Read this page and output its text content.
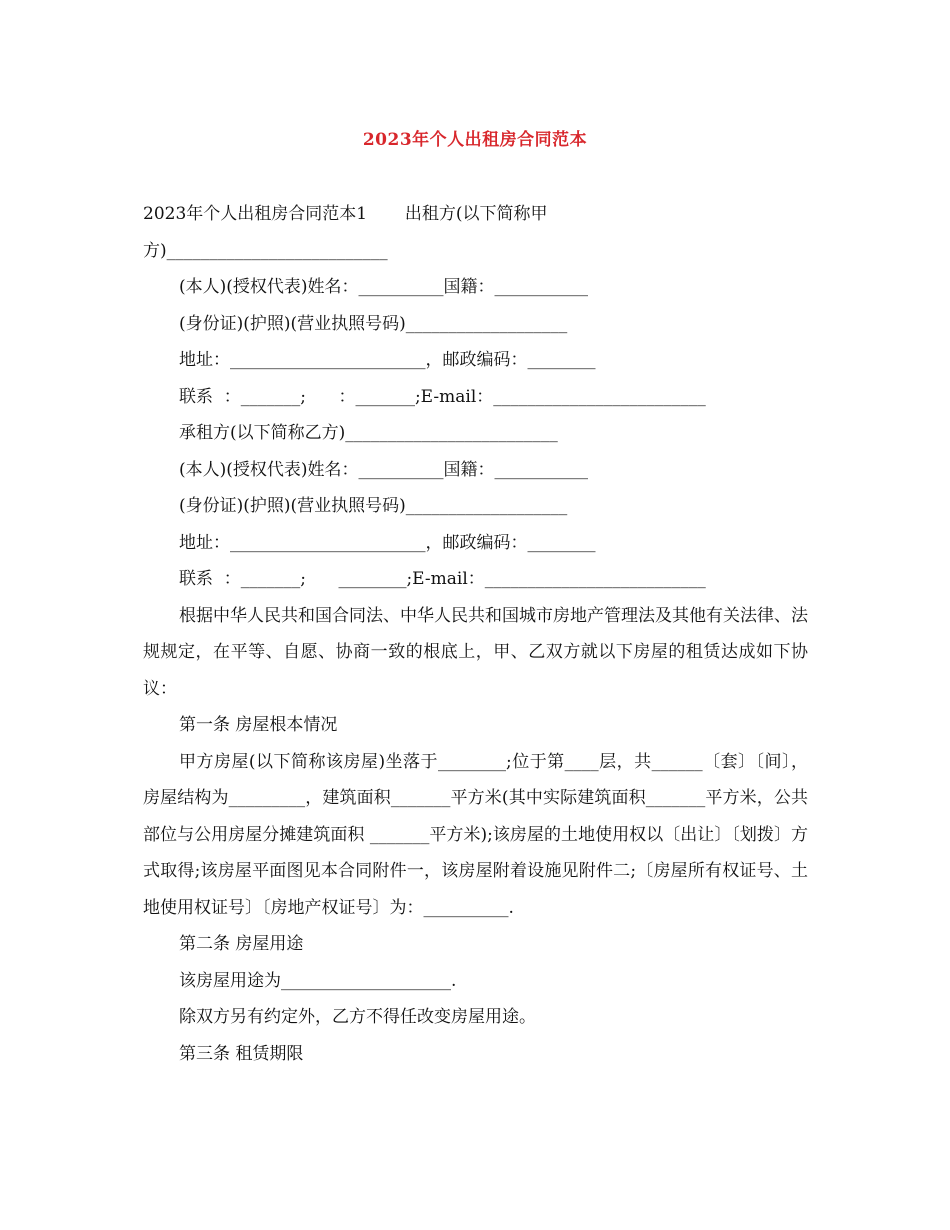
2023年个人出租房合同范本
2023年个人出租房合同范本1       出租方(以下简称甲
方)__________________________
(本人)(授权代表)姓名：__________国籍：___________
(身份证)(护照)(营业执照号码)___________________
地址：_______________________，邮政编码：________
联系  ：_______;      ：_______;E-mail：_________________________
承租方(以下简称乙方)_________________________
(本人)(授权代表)姓名：__________国籍：___________
(身份证)(护照)(营业执照号码)___________________
地址：_______________________，邮政编码：________
联系  ：_______;      ________;E-mail：__________________________

根据中华人民共和国合同法、中华人民共和国城市房地产管理法及其他有关法律、法规规定，在平等、自愿、协商一致的根底上，甲、乙双方就以下房屋的租赁达成如下协议：

第一条 房屋根本情况

甲方房屋(以下简称该房屋)坐落于________;位于第____层，共______〔套〕〔间〕，房屋结构为_________，建筑面积_______平方米(其中实际建筑面积_______平方米，公共部位与公用房屋分摊建筑面积 _______平方米);该房屋的土地使用权以〔出让〕〔划拨〕方式取得;该房屋平面图见本合同附件一，该房屋附着设施见附件二;〔房屋所有权证号、土地使用权证号〕〔房地产权证号〕为：__________.

第二条 房屋用途
该房屋用途为____________________.
除双方另有约定外，乙方不得任改变房屋用途。
第三条 租赁期限
